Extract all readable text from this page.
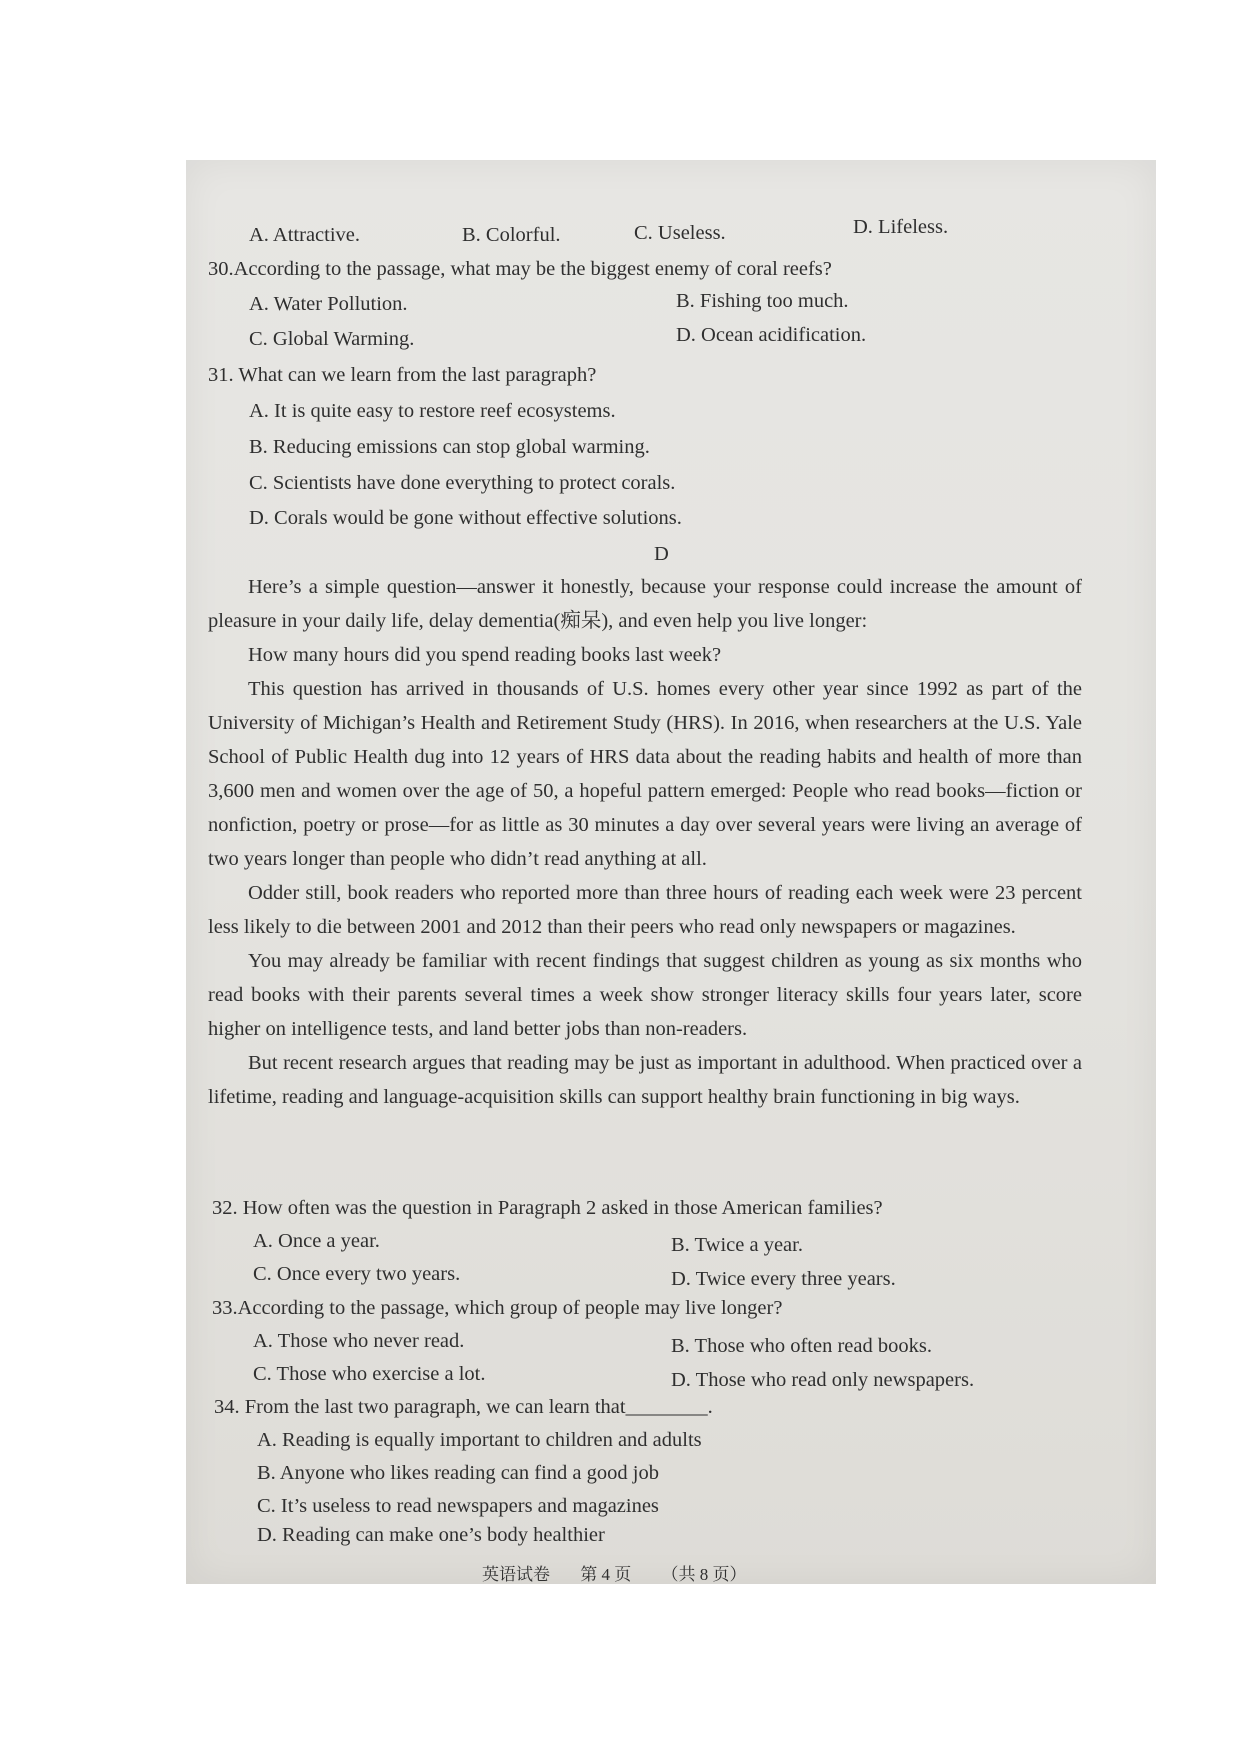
A. Attractive.	B. Colorful.	C. Useless.	D. Lifeless.
30.According to the passage, what may be the biggest enemy of coral reefs?
A. Water Pollution.	B. Fishing too much.
C. Global Warming.	D. Ocean acidification.
31. What can we learn from the last paragraph?
A. It is quite easy to restore reef ecosystems.
B. Reducing emissions can stop global warming.
C. Scientists have done everything to protect corals.
D. Corals would be gone without effective solutions.
D

Here’s a simple question—answer it honestly, because your response could increase the amount of pleasure in your daily life, delay dementia(痴呆), and even help you live longer:

How many hours did you spend reading books last week?

This question has arrived in thousands of U.S. homes every other year since 1992 as part of the University of Michigan’s Health and Retirement Study (HRS). In 2016, when researchers at the U.S. Yale School of Public Health dug into 12 years of HRS data about the reading habits and health of more than 3,600 men and women over the age of 50, a hopeful pattern emerged: People who read books—fiction or nonfiction, poetry or prose—for as little as 30 minutes a day over several years were living an average of two years longer than people who didn’t read anything at all.

Odder still, book readers who reported more than three hours of reading each week were 23 percent less likely to die between 2001 and 2012 than their peers who read only newspapers or magazines.

You may already be familiar with recent findings that suggest children as young as six months who read books with their parents several times a week show stronger literacy skills four years later, score higher on intelligence tests, and land better jobs than non-readers.

But recent research argues that reading may be just as important in adulthood. When practiced over a lifetime, reading and language-acquisition skills can support healthy brain functioning in big ways.

32. How often was the question in Paragraph 2 asked in those American families?
A. Once a year.	B. Twice a year.
C. Once every two years.	D. Twice every three years.
33.According to the passage, which group of people may live longer?
A. Those who never read.	B. Those who often read books.
C. Those who exercise a lot.	D. Those who read only newspapers.
34. From the last two paragraph, we can learn that________.
A. Reading is equally important to children and adults
B. Anyone who likes reading can find a good job
C. It’s useless to read newspapers and magazines
D. Reading can make one’s body healthier
英语试卷 第 4 页 （共 8 页）
